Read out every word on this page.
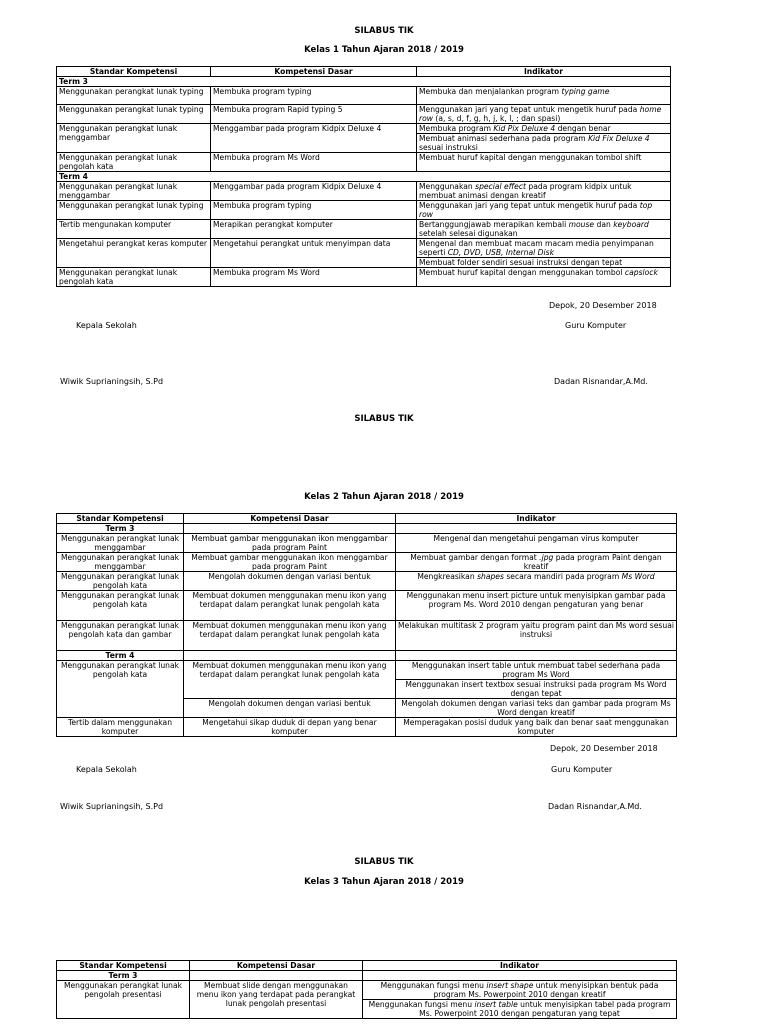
SILABUS TIK
Kelas 1 Tahun Ajaran 2018 / 2019
Standar Kompetensi	Kompetensi Dasar	Indikator
Term 3		
Menggunakan perangkat lunak typing	Membuka program typing	Membuka dan menjalankan program typing game
Menggunakan perangkat lunak typing	Membuka program Rapid typing 5	Menggunakan jari yang tepat untuk mengetik huruf pada home row (a, s, d, f, g, h, j, k, l, ; dan spasi)
Menggunakan perangkat lunak menggambar	Menggambar pada program Kidpix Deluxe 4	Membuka program Kid Pix Deluxe 4 dengan benar
		Membuat animasi sederhana pada program Kid Fix Deluxe 4 sesuai instruksi
Menggunakan perangkat lunak pengolah kata	Membuka program Ms Word	Membuat huruf kapital dengan menggunakan tombol shift
Term 4		
Menggunakan perangkat lunak menggambar	Menggambar pada program Kidpix Deluxe 4	Menggunakan special effect pada program kidpix untuk membuat animasi dengan kreatif
Menggunakan perangkat lunak typing	Membuka program typing	Menggunakan jari yang tepat untuk mengetik huruf pada top row
Tertib mengunakan komputer	Merapikan perangkat komputer	Bertanggungjawab merapikan kembali mouse dan keyboard setelah selesai digunakan
Mengetahui perangkat keras komputer	Mengetahui perangkat untuk menyimpan data	Mengenal dan membuat macam macam media penyimpanan seperti CD, DVD, USB, Internal Disk
		Membuat folder sendiri sesuai instruksi dengan tepat
Menggunakan perangkat lunak pengolah kata	Membuka program Ms Word	Membuat huruf kapital dengan menggunakan tombol capslock
Depok, 20 Desember 2018
Kepala Sekolah	Guru Komputer
Wiwik Suprianingsih, S.Pd	Dadan Risnandar,A.Md.
SILABUS TIK
Kelas 2 Tahun Ajaran 2018 / 2019
Standar Kompetensi	Kompetensi Dasar	Indikator
Term 3		
Menggunakan perangkat lunak menggambar	Membuat gambar menggunakan ikon menggambar pada program Paint	Mengenal dan mengetahui pengaman virus komputer
Menggunakan perangkat lunak menggambar	Membuat gambar menggunakan ikon menggambar pada program Paint	Membuat gambar dengan format .jpg pada program Paint dengan kreatif
Menggunakan perangkat lunak pengolah kata	Mengolah dokumen dengan variasi bentuk	Mengkreasikan shapes secara mandiri pada program Ms Word
Menggunakan perangkat lunak pengolah kata	Membuat dokumen menggunakan menu ikon yang terdapat dalam perangkat lunak pengolah kata	Menggunakan menu insert picture untuk menyisipkan gambar pada program Ms. Word 2010 dengan pengaturan yang benar
Menggunakan perangkat lunak pengolah kata dan gambar	Membuat dokumen menggunakan menu ikon yang terdapat dalam perangkat lunak pengolah kata	Melakukan multitask 2 program yaitu program paint dan Ms word sesuai instruksi
Term 4		
Menggunakan perangkat lunak pengolah kata	Membuat dokumen menggunakan menu ikon yang terdapat dalam perangkat lunak pengolah kata	Menggunakan insert table untuk membuat tabel sederhana pada program Ms Word
		Menggunakan insert textbox sesuai instruksi pada program Ms Word dengan tepat
	Mengolah dokumen dengan variasi bentuk	Mengolah dokumen dengan variasi teks dan gambar pada program Ms Word dengan kreatif
Tertib dalam menggunakan komputer	Mengetahui sikap duduk di depan yang benar komputer	Memperagakan posisi duduk yang baik dan benar saat menggunakan komputer
Depok, 20 Desember 2018
Kepala Sekolah	Guru Komputer
Wiwik Suprianingsih, S.Pd	Dadan Risnandar,A.Md.
SILABUS TIK
Kelas 3 Tahun Ajaran 2018 / 2019
Standar Kompetensi	Kompetensi Dasar	Indikator
Term 3		
Menggunakan perangkat lunak pengolah presentasi	Membuat slide dengan menggunakan menu ikon yang terdapat pada perangkat lunak pengolah presentasi	Menggunakan fungsi menu insert shape untuk menyisipkan bentuk pada program Ms. Powerpoint 2010 dengan kreatif
		Menggunakan fungsi menu insert table untuk menyisipkan tabel pada program Ms. Powerpoint 2010 dengan pengaturan yang tepat
